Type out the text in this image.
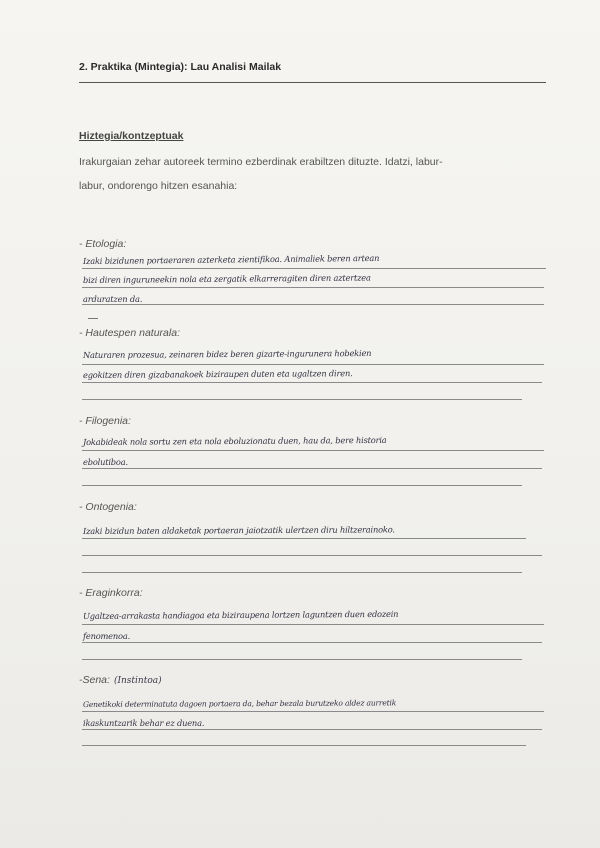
2. Praktika (Mintegia): Lau Analisi Mailak
Hiztegia/kontzeptuak
Irakurgaian zehar autoreek termino ezberdinak erabiltzen dituzte. Idatzi, labur-
labur, ondorengo hitzen esanahia:
- Etologia:
Izaki bizidunen portaeraren azterketa zientifikoa. Animaliek beren artean
bizi diren inguruneekin nola eta zergatik elkarreragiten diren aztertzea
arduratzen da.
- Hautespen naturala:
Naturaren prozesua, zeinaren bidez beren gizarte-ingurunera hobekien
egokitzen diren gizabanakoek biziraupen duten eta ugaltzen diren.
- Filogenia:
Jokabideak nola sortu zen eta nola eboluzionatu duen, hau da, bere historia
ebolutiboa.
- Ontogenia:
Izaki bizidun baten aldaketak portaeran jaiotzatik ulertzen diru hiltzerainoko.
- Eraginkorra:
Ugaltzea-arrakasta handiagoa eta biziraupena lortzen laguntzen duen edozein
fenomenoa.
-Sena: (Instintoa)
Genetikoki determinatuta dagoen portaera da, behar bezala burutzeko aldez aurretik
ikaskuntzarik behar ez duena.
